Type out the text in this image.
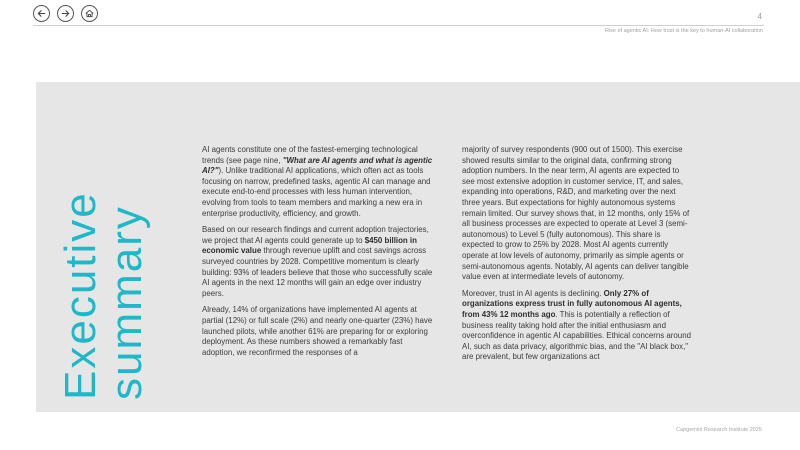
4
Rise of agentic AI: How trust is the key to human-AI collaboration
Executive
summary

AI agents constitute one of the fastest-emerging technological trends (see page nine, "What are AI agents and what is agentic AI?"). Unlike traditional AI applications, which often act as tools focusing on narrow, predefined tasks, agentic AI can manage and execute end-to-end processes with less human intervention, evolving from tools to team members and marking a new era in enterprise productivity, efficiency, and growth.

Based on our research findings and current adoption trajectories, we project that AI agents could generate up to $450 billion in economic value through revenue uplift and cost savings across surveyed countries by 2028. Competitive momentum is clearly building: 93% of leaders believe that those who successfully scale AI agents in the next 12 months will gain an edge over industry peers.

Already, 14% of organizations have implemented AI agents at partial (12%) or full scale (2%) and nearly one-quarter (23%) have launched pilots, while another 61% are preparing for or exploring deployment. As these numbers showed a remarkably fast adoption, we reconfirmed the responses of a

majority of survey respondents (900 out of 1500). This exercise showed results similar to the original data, confirming strong adoption numbers. In the near term, AI agents are expected to see most extensive adoption in customer service, IT, and sales, expanding into operations, R&D, and marketing over the next three years. But expectations for highly autonomous systems remain limited. Our survey shows that, in 12 months, only 15% of all business processes are expected to operate at Level 3 (semi-autonomous) to Level 5 (fully autonomous). This share is expected to grow to 25% by 2028. Most AI agents currently operate at low levels of autonomy, primarily as simple agents or semi-autonomous agents. Notably, AI agents can deliver tangible value even at intermediate levels of autonomy.

Moreover, trust in AI agents is declining. Only 27% of organizations express trust in fully autonomous AI agents, from 43% 12 months ago. This is potentially a reflection of business reality taking hold after the initial enthusiasm and overconfidence in agentic AI capabilities. Ethical concerns around AI, such as data privacy, algorithmic bias, and the "AI black box," are prevalent, but few organizations act

Capgemini Research Institute 2025
